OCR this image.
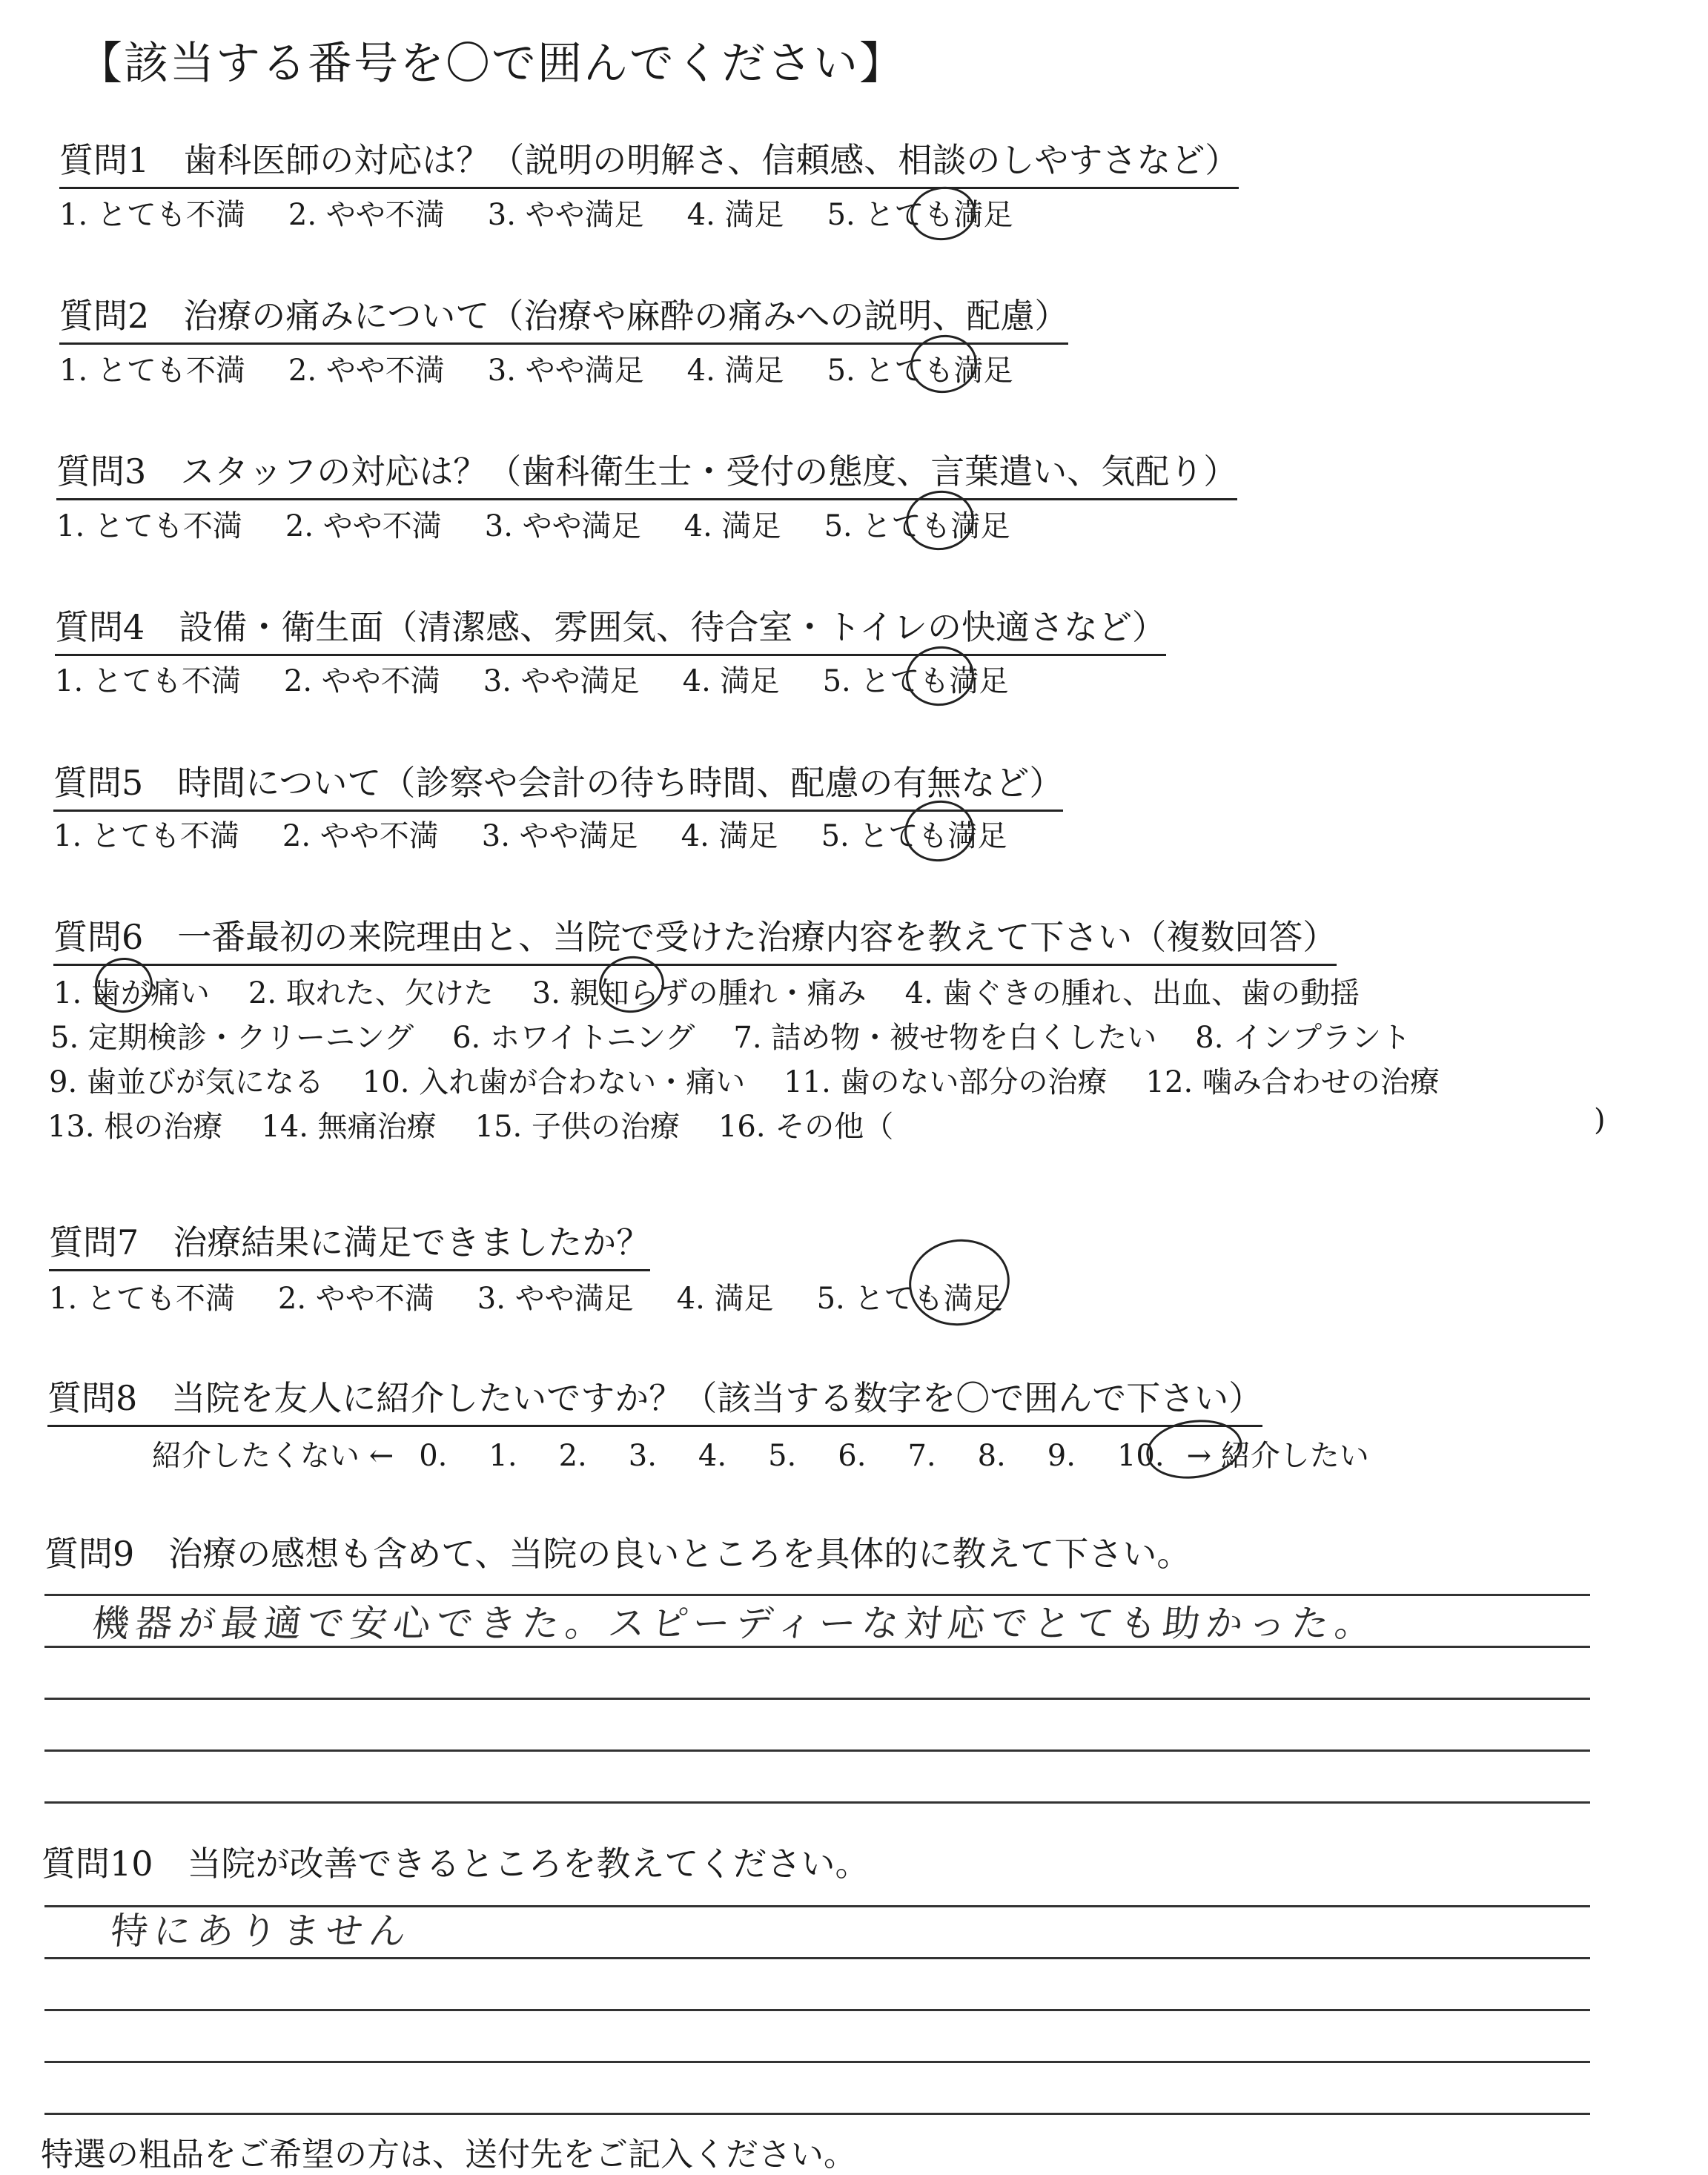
【該当する番号を〇で囲んでください】
質問1　歯科医師の対応は？（説明の明解さ、信頼感、相談のしやすさなど）
1. とても不満 2. やや不満 3. やや満足 4. 満足 5. とても満足
質問2　治療の痛みについて（治療や麻酔の痛みへの説明、配慮）
1. とても不満 2. やや不満 3. やや満足 4. 満足 5. とても満足
質問3　スタッフの対応は？（歯科衛生士・受付の態度、言葉遣い、気配り）
1. とても不満 2. やや不満 3. やや満足 4. 満足 5. とても満足
質問4　設備・衛生面（清潔感、雰囲気、待合室・トイレの快適さなど）
1. とても不満 2. やや不満 3. やや満足 4. 満足 5. とても満足
質問5　時間について（診察や会計の待ち時間、配慮の有無など）
1. とても不満 2. やや不満 3. やや満足 4. 満足 5. とても満足
質問6　一番最初の来院理由と、当院で受けた治療内容を教えて下さい（複数回答）
1. 歯が痛い 2. 取れた、欠けた 3. 親知らずの腫れ・痛み 4. 歯ぐきの腫れ、出血、歯の動揺
5. 定期検診・クリーニング 6. ホワイトニング 7. 詰め物・被せ物を白くしたい 8. インプラント
9. 歯並びが気になる 10. 入れ歯が合わない・痛い 11. 歯のない部分の治療 12. 噛み合わせの治療
13. 根の治療 14. 無痛治療 15. 子供の治療 16. その他（	)
質問7　治療結果に満足できましたか？
1. とても不満 2. やや不満 3. やや満足 4. 満足 5. とても満足
質問8　当院を友人に紹介したいですか？（該当する数字を〇で囲んで下さい）
紹介したくない ← 0. 1. 2. 3. 4. 5. 6. 7. 8. 9. 10. → 紹介したい
質問9　治療の感想も含めて、当院の良いところを具体的に教えて下さい。
機器が最適で安心できた。スピーディーな対応でとても助かった。
質問10　当院が改善できるところを教えてください。
特にありません
特選の粗品をご希望の方は、送付先をご記入ください。
